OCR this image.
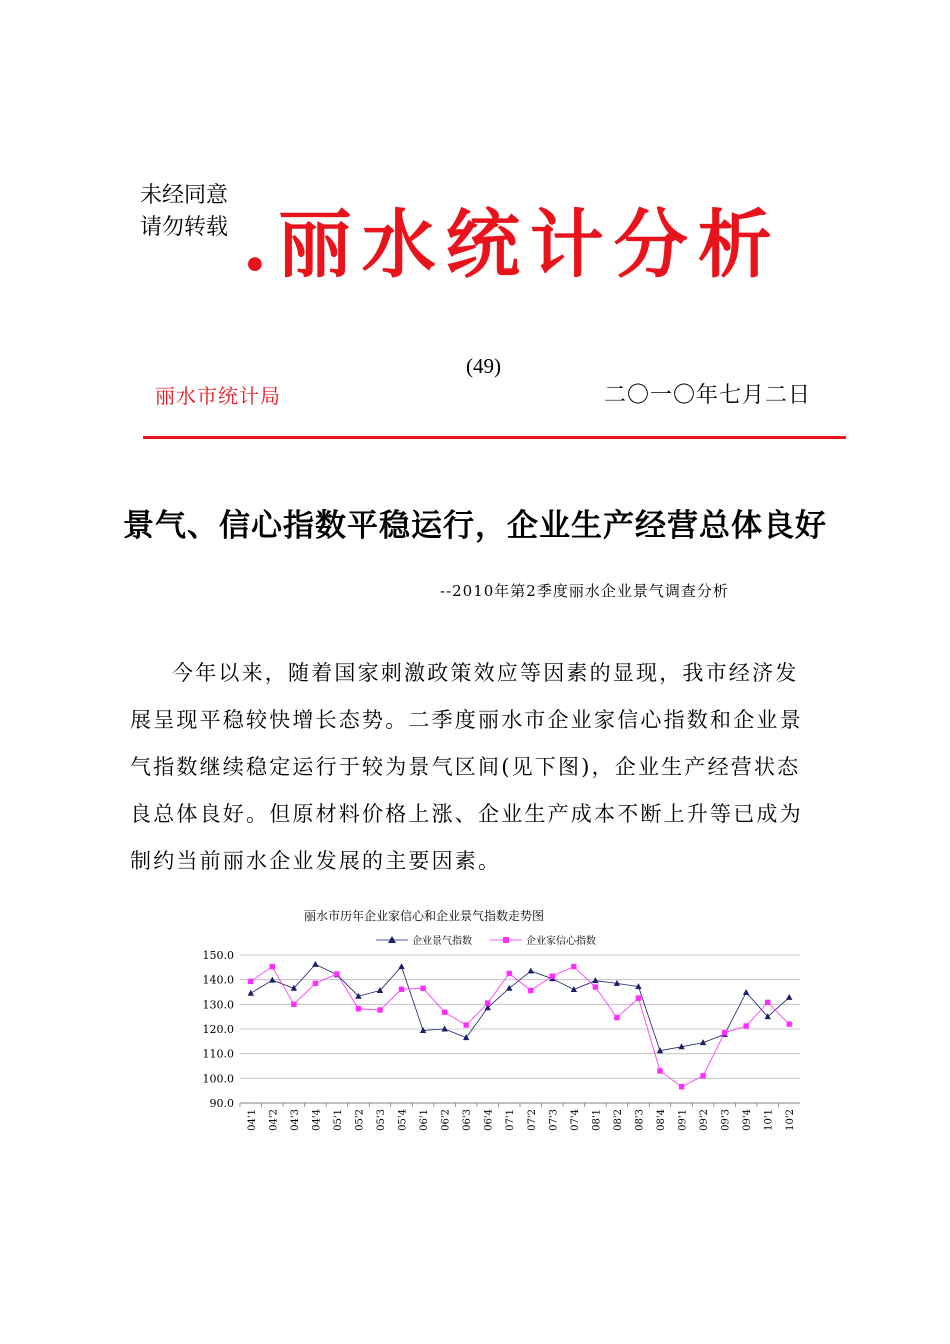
未经同意
请勿转载 .丽水统计分析
(49)
丽水市统计局	二〇一〇年七月二日
景气、信心指数平稳运行，企业生产经营总体良好
--2010年第2季度丽水企业景气调查分析

今年以来，随着国家刺激政策效应等因素的显现，我市经济发展呈现平稳较快增长态势。二季度丽水市企业家信心指数和企业景气指数继续稳定运行于较为景气区间(见下图)，企业生产经营状态良总体良好。但原材料价格上涨、企业生产成本不断上升等已成为制约当前丽水企业发展的主要因素。

丽水市历年企业家信心和企业景气指数走势图
企业景气指数	企业家信心指数
150.0
140.0
130.0
120.0
110.0
100.0
90.0
04'1 04'2 04'3 04'4 05'1 05'2 05'3 05'4 06'1 06'2 06'3 06'4 07'1 07'2 07'3 07'4 08'1 08'2 08'3 08'4 09'1 09'2 09'3 09'4 10'1 10'2
